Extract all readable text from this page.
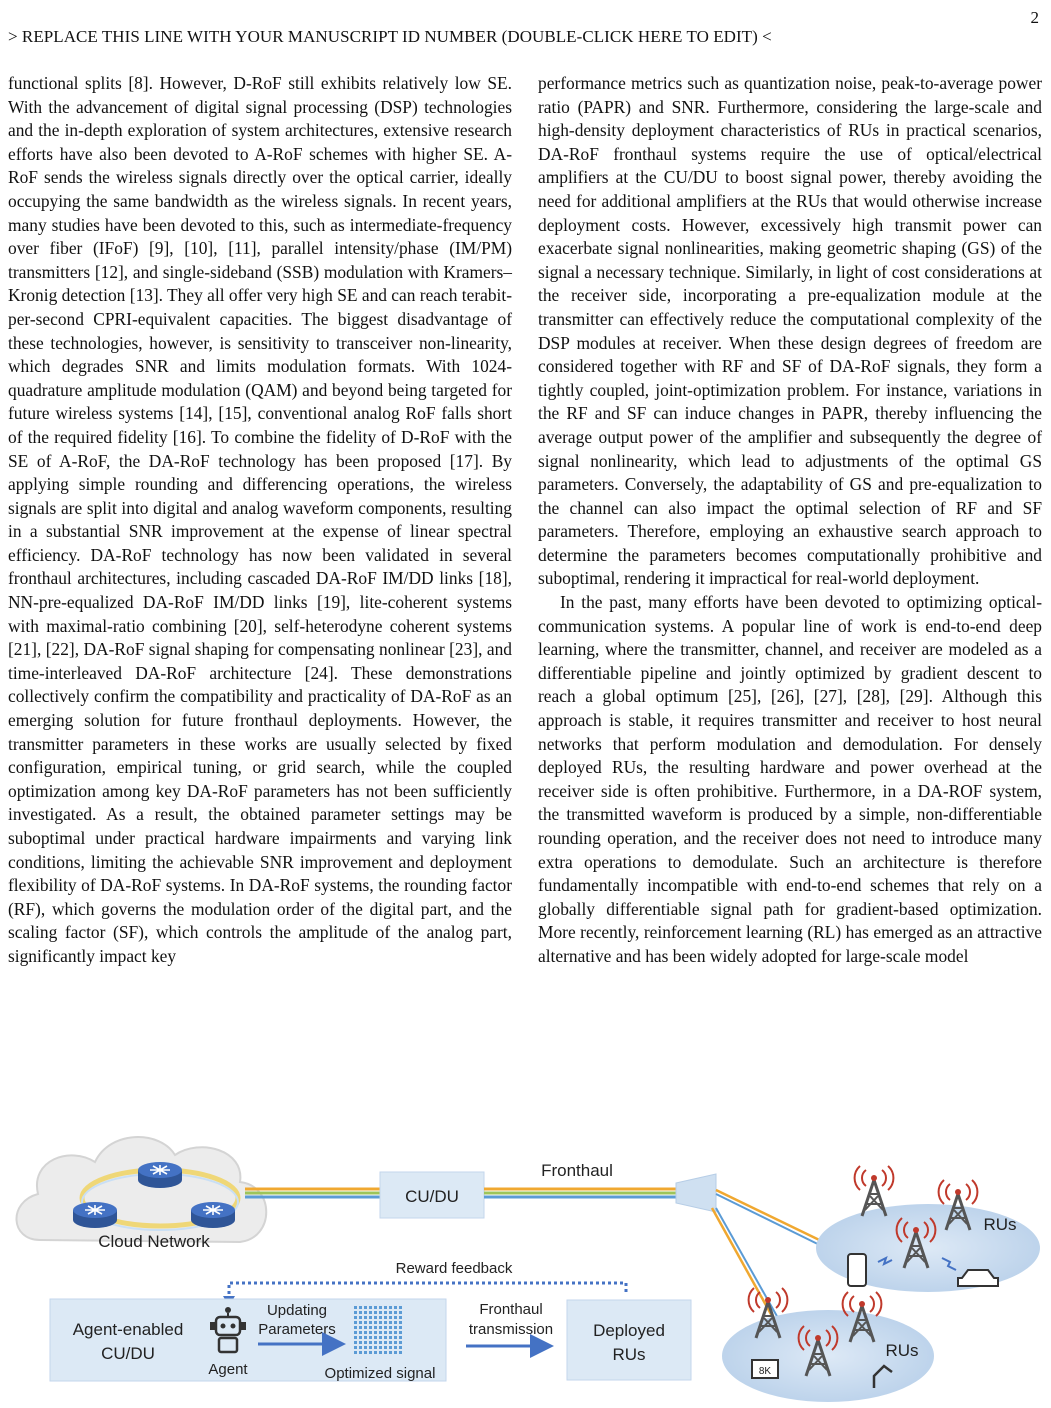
2
> REPLACE THIS LINE WITH YOUR MANUSCRIPT ID NUMBER (DOUBLE-CLICK HERE TO EDIT) <

functional splits [8]. However, D-RoF still exhibits relatively low SE. With the advancement of digital signal processing (DSP) technologies and the in-depth exploration of system architectures, extensive research efforts have also been devoted to A-RoF schemes with higher SE. A-RoF sends the wireless signals directly over the optical carrier, ideally occupying the same bandwidth as the wireless signals. In recent years, many studies have been devoted to this, such as intermediate-frequency over fiber (IFoF) [9], [10], [11], parallel intensity/phase (IM/PM) transmitters [12], and single-sideband (SSB) modulation with Kramers–Kronig detection [13]. They all offer very high SE and can reach terabit-per-second CPRI-equivalent capacities. The biggest disadvantage of these technologies, however, is sensitivity to transceiver non-linearity, which degrades SNR and limits modulation formats. With 1024-quadrature amplitude modulation (QAM) and beyond being targeted for future wireless systems [14], [15], conventional analog RoF falls short of the required fidelity [16]. To combine the fidelity of D-RoF with the SE of A-RoF, the DA-RoF technology has been proposed [17]. By applying simple rounding and differencing operations, the wireless signals are split into digital and analog waveform components, resulting in a substantial SNR improvement at the expense of linear spectral efficiency. DA-RoF technology has now been validated in several fronthaul architectures, including cascaded DA-RoF IM/DD links [18], NN-pre-equalized DA-RoF IM/DD links [19], lite-coherent systems with maximal-ratio combining [20], self-heterodyne coherent systems [21], [22], DA-RoF signal shaping for compensating nonlinear [23], and time-interleaved DA-RoF architecture [24]. These demonstrations collectively confirm the compatibility and practicality of DA-RoF as an emerging solution for future fronthaul deployments. However, the transmitter parameters in these works are usually selected by fixed configuration, empirical tuning, or grid search, while the coupled optimization among key DA-RoF parameters has not been sufficiently investigated. As a result, the obtained parameter settings may be suboptimal under practical hardware impairments and varying link conditions, limiting the achievable SNR improvement and deployment flexibility of DA-RoF systems. In DA-RoF systems, the rounding factor (RF), which governs the modulation order of the digital part, and the scaling factor (SF), which controls the amplitude of the analog part, significantly impact key

performance metrics such as quantization noise, peak-to-average power ratio (PAPR) and SNR. Furthermore, considering the large-scale and high-density deployment characteristics of RUs in practical scenarios, DA-RoF fronthaul systems require the use of optical/electrical amplifiers at the CU/DU to boost signal power, thereby avoiding the need for additional amplifiers at the RUs that would otherwise increase deployment costs. However, excessively high transmit power can exacerbate signal nonlinearities, making geometric shaping (GS) of the signal a necessary technique. Similarly, in light of cost considerations at the receiver side, incorporating a pre-equalization module at the transmitter can effectively reduce the computational complexity of the DSP modules at receiver. When these design degrees of freedom are considered together with RF and SF of DA-RoF signals, they form a tightly coupled, joint-optimization problem. For instance, variations in the RF and SF can induce changes in PAPR, thereby influencing the average output power of the amplifier and subsequently the degree of signal nonlinearity, which lead to adjustments of the optimal GS parameters. Conversely, the adaptability of GS and pre-equalization to the channel can also impact the optimal selection of RF and SF parameters. Therefore, employing an exhaustive search approach to determine the parameters becomes computationally prohibitive and suboptimal, rendering it impractical for real-world deployment.

In the past, many efforts have been devoted to optimizing optical-communication systems. A popular line of work is end-to-end deep learning, where the transmitter, channel, and receiver are modeled as a differentiable pipeline and jointly optimized by gradient descent to reach a global optimum [25], [26], [27], [28], [29]. Although this approach is stable, it requires transmitter and receiver to host neural networks that perform modulation and demodulation. For densely deployed RUs, the resulting hardware and power overhead at the receiver side is often prohibitive. Furthermore, in a DA-ROF system, the transmitted waveform is produced by a simple, non-differentiable rounding operation, and the receiver does not need to introduce many extra operations to demodulate. Such an architecture is therefore fundamentally incompatible with end-to-end schemes that rely on a globally differentiable signal path for gradient-based optimization. More recently, reinforcement learning (RL) has emerged as an attractive alternative and has been widely adopted for large-scale model

Cloud Network
CU/DU
Fronthaul
RUs
8K
RUs
Reward feedback
Agent-enabled
CU/DU
Agent
Updating
Parameters
Optimized signal
Fronthaul
transmission Deployed
RUs
